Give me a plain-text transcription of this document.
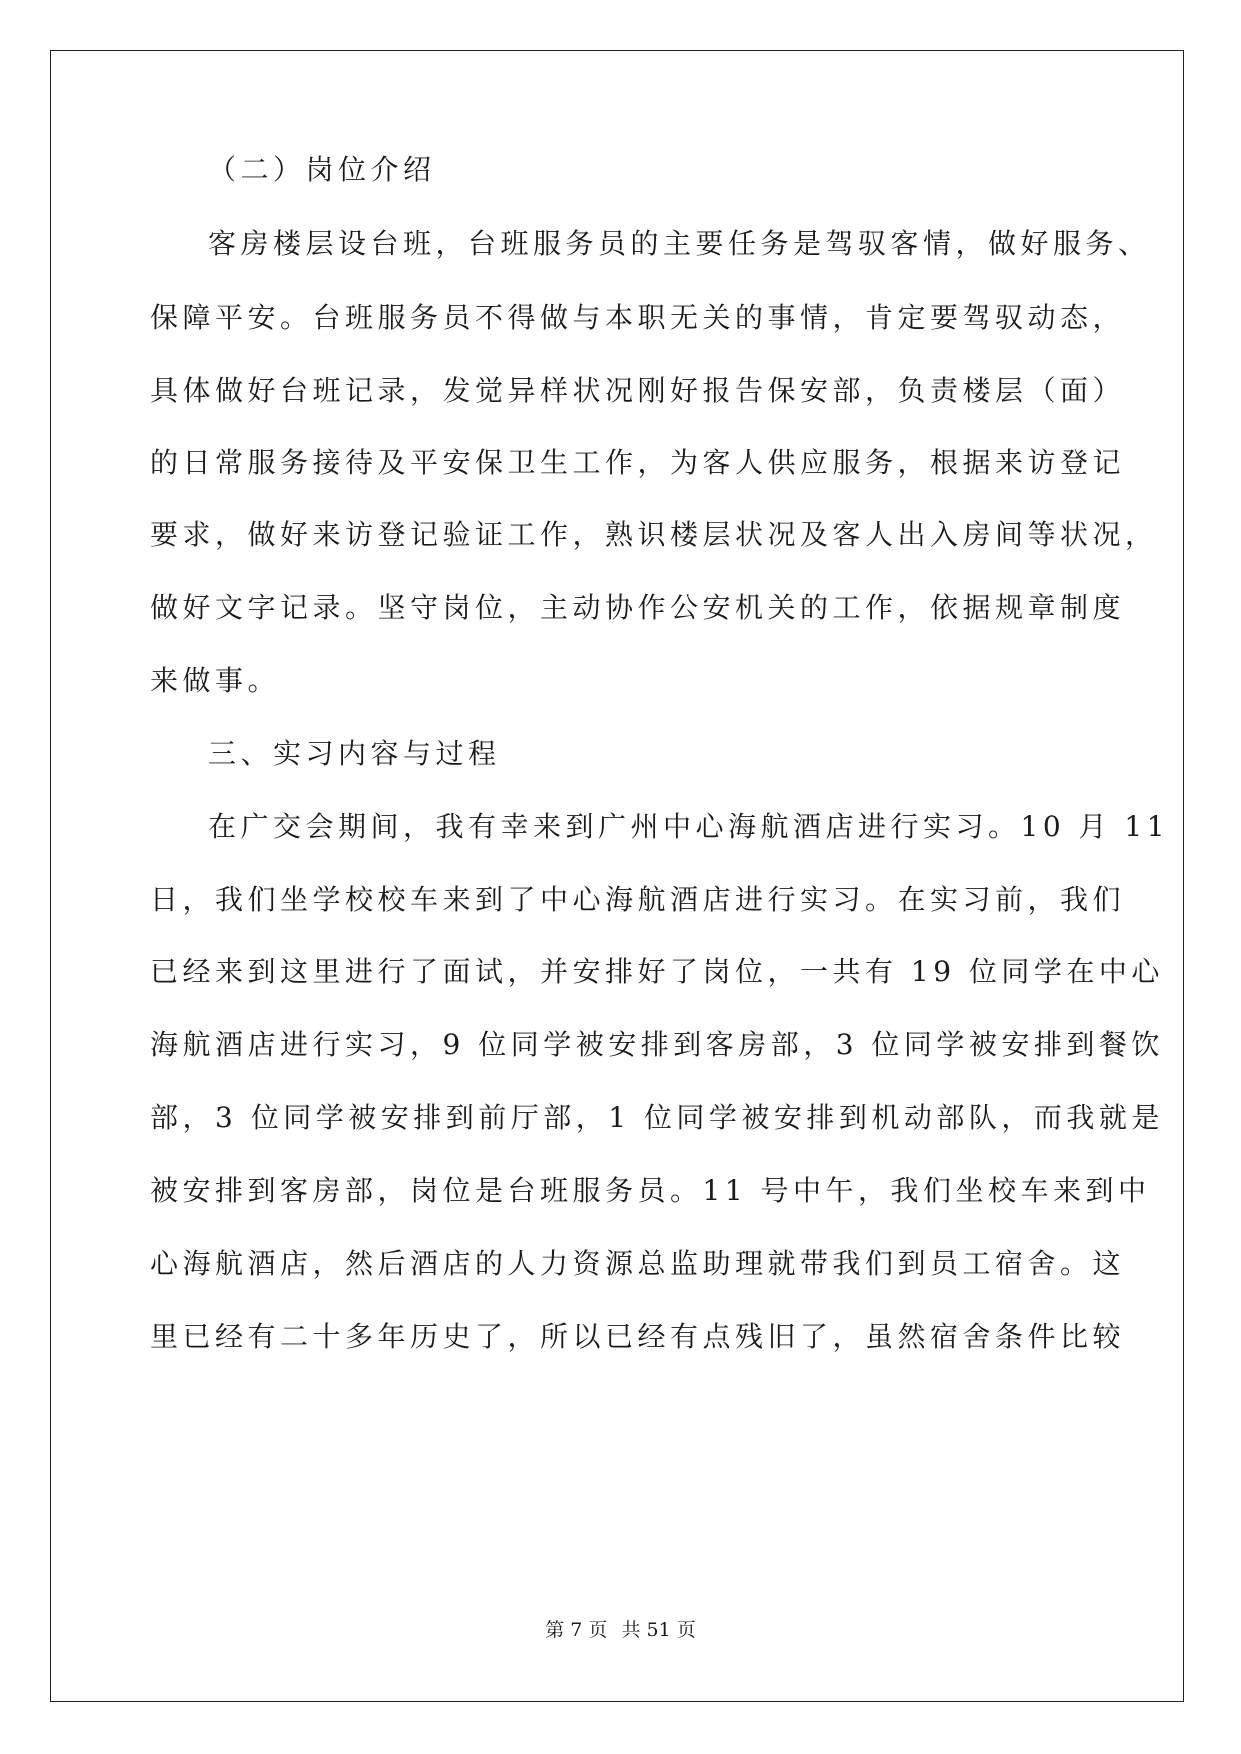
（二）岗位介绍
客房楼层设台班，台班服务员的主要任务是驾驭客情，做好服务、
保障平安。台班服务员不得做与本职无关的事情，肯定要驾驭动态，
具体做好台班记录，发觉异样状况刚好报告保安部，负责楼层（面）
的日常服务接待及平安保卫生工作，为客人供应服务，根据来访登记
要求，做好来访登记验证工作，熟识楼层状况及客人出入房间等状况，
做好文字记录。坚守岗位，主动协作公安机关的工作，依据规章制度
来做事。
三、实习内容与过程
在广交会期间，我有幸来到广州中心海航酒店进行实习。10 月 11
日，我们坐学校校车来到了中心海航酒店进行实习。在实习前，我们
已经来到这里进行了面试，并安排好了岗位，一共有 19 位同学在中心
海航酒店进行实习，9 位同学被安排到客房部，3 位同学被安排到餐饮
部，3 位同学被安排到前厅部，1 位同学被安排到机动部队，而我就是
被安排到客房部，岗位是台班服务员。11 号中午，我们坐校车来到中
心海航酒店，然后酒店的人力资源总监助理就带我们到员工宿舍。这
里已经有二十多年历史了，所以已经有点残旧了，虽然宿舍条件比较
第 7 页 共 51 页
